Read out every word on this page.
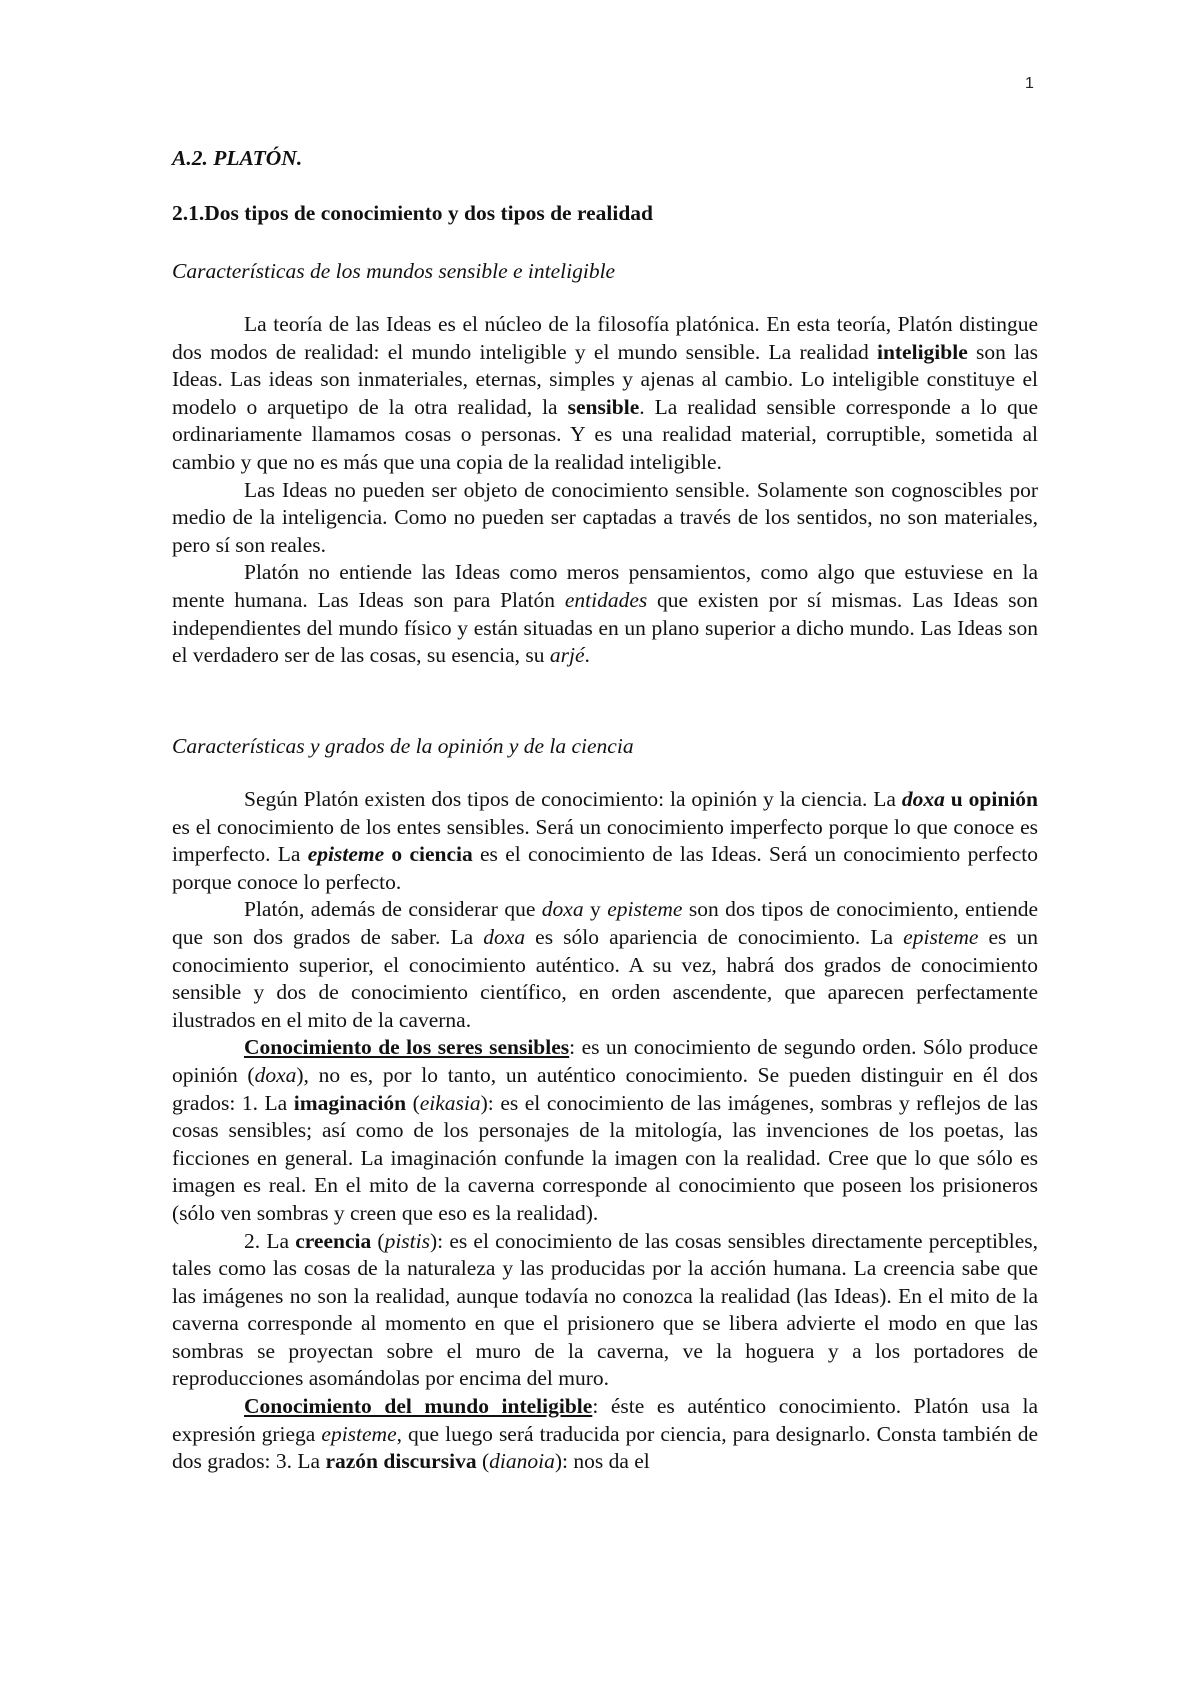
1
A.2. PLATÓN.
2.1.Dos tipos de conocimiento y dos tipos de realidad
Características de los mundos sensible e inteligible

La teoría de las Ideas es el núcleo de la filosofía platónica. En esta teoría, Platón distingue dos modos de realidad: el mundo inteligible y el mundo sensible. La realidad inteligible son las Ideas. Las ideas son inmateriales, eternas, simples y ajenas al cambio. Lo inteligible constituye el modelo o arquetipo de la otra realidad, la sensible. La realidad sensible corresponde a lo que ordinariamente llamamos cosas o personas. Y es una realidad material, corruptible, sometida al cambio y que no es más que una copia de la realidad inteligible.

Las Ideas no pueden ser objeto de conocimiento sensible. Solamente son cognoscibles por medio de la inteligencia. Como no pueden ser captadas a través de los sentidos, no son materiales, pero sí son reales.

Platón no entiende las Ideas como meros pensamientos, como algo que estuviese en la mente humana. Las Ideas son para Platón entidades que existen por sí mismas. Las Ideas son independientes del mundo físico y están situadas en un plano superior a dicho mundo. Las Ideas son el verdadero ser de las cosas, su esencia, su arjé.

Características y grados de la opinión y de la ciencia

Según Platón existen dos tipos de conocimiento: la opinión y la ciencia. La doxa u opinión es el conocimiento de los entes sensibles. Será un conocimiento imperfecto porque lo que conoce es imperfecto. La episteme o ciencia es el conocimiento de las Ideas. Será un conocimiento perfecto porque conoce lo perfecto.

Platón, además de considerar que doxa y episteme son dos tipos de conocimiento, entiende que son dos grados de saber. La doxa es sólo apariencia de conocimiento. La episteme es un conocimiento superior, el conocimiento auténtico. A su vez, habrá dos grados de conocimiento sensible y dos de conocimiento científico, en orden ascendente, que aparecen perfectamente ilustrados en el mito de la caverna.

Conocimiento de los seres sensibles: es un conocimiento de segundo orden. Sólo produce opinión (doxa), no es, por lo tanto, un auténtico conocimiento. Se pueden distinguir en él dos grados: 1. La imaginación (eikasia): es el conocimiento de las imágenes, sombras y reflejos de las cosas sensibles; así como de los personajes de la mitología, las invenciones de los poetas, las ficciones en general. La imaginación confunde la imagen con la realidad. Cree que lo que sólo es imagen es real. En el mito de la caverna corresponde al conocimiento que poseen los prisioneros (sólo ven sombras y creen que eso es la realidad).

2. La creencia (pistis): es el conocimiento de las cosas sensibles directamente perceptibles, tales como las cosas de la naturaleza y las producidas por la acción humana. La creencia sabe que las imágenes no son la realidad, aunque todavía no conozca la realidad (las Ideas). En el mito de la caverna corresponde al momento en que el prisionero que se libera advierte el modo en que las sombras se proyectan sobre el muro de la caverna, ve la hoguera y a los portadores de reproducciones asomándolas por encima del muro.

Conocimiento del mundo inteligible: éste es auténtico conocimiento. Platón usa la expresión griega episteme, que luego será traducida por ciencia, para designarlo. Consta también de dos grados: 3. La razón discursiva (dianoia): nos da el
